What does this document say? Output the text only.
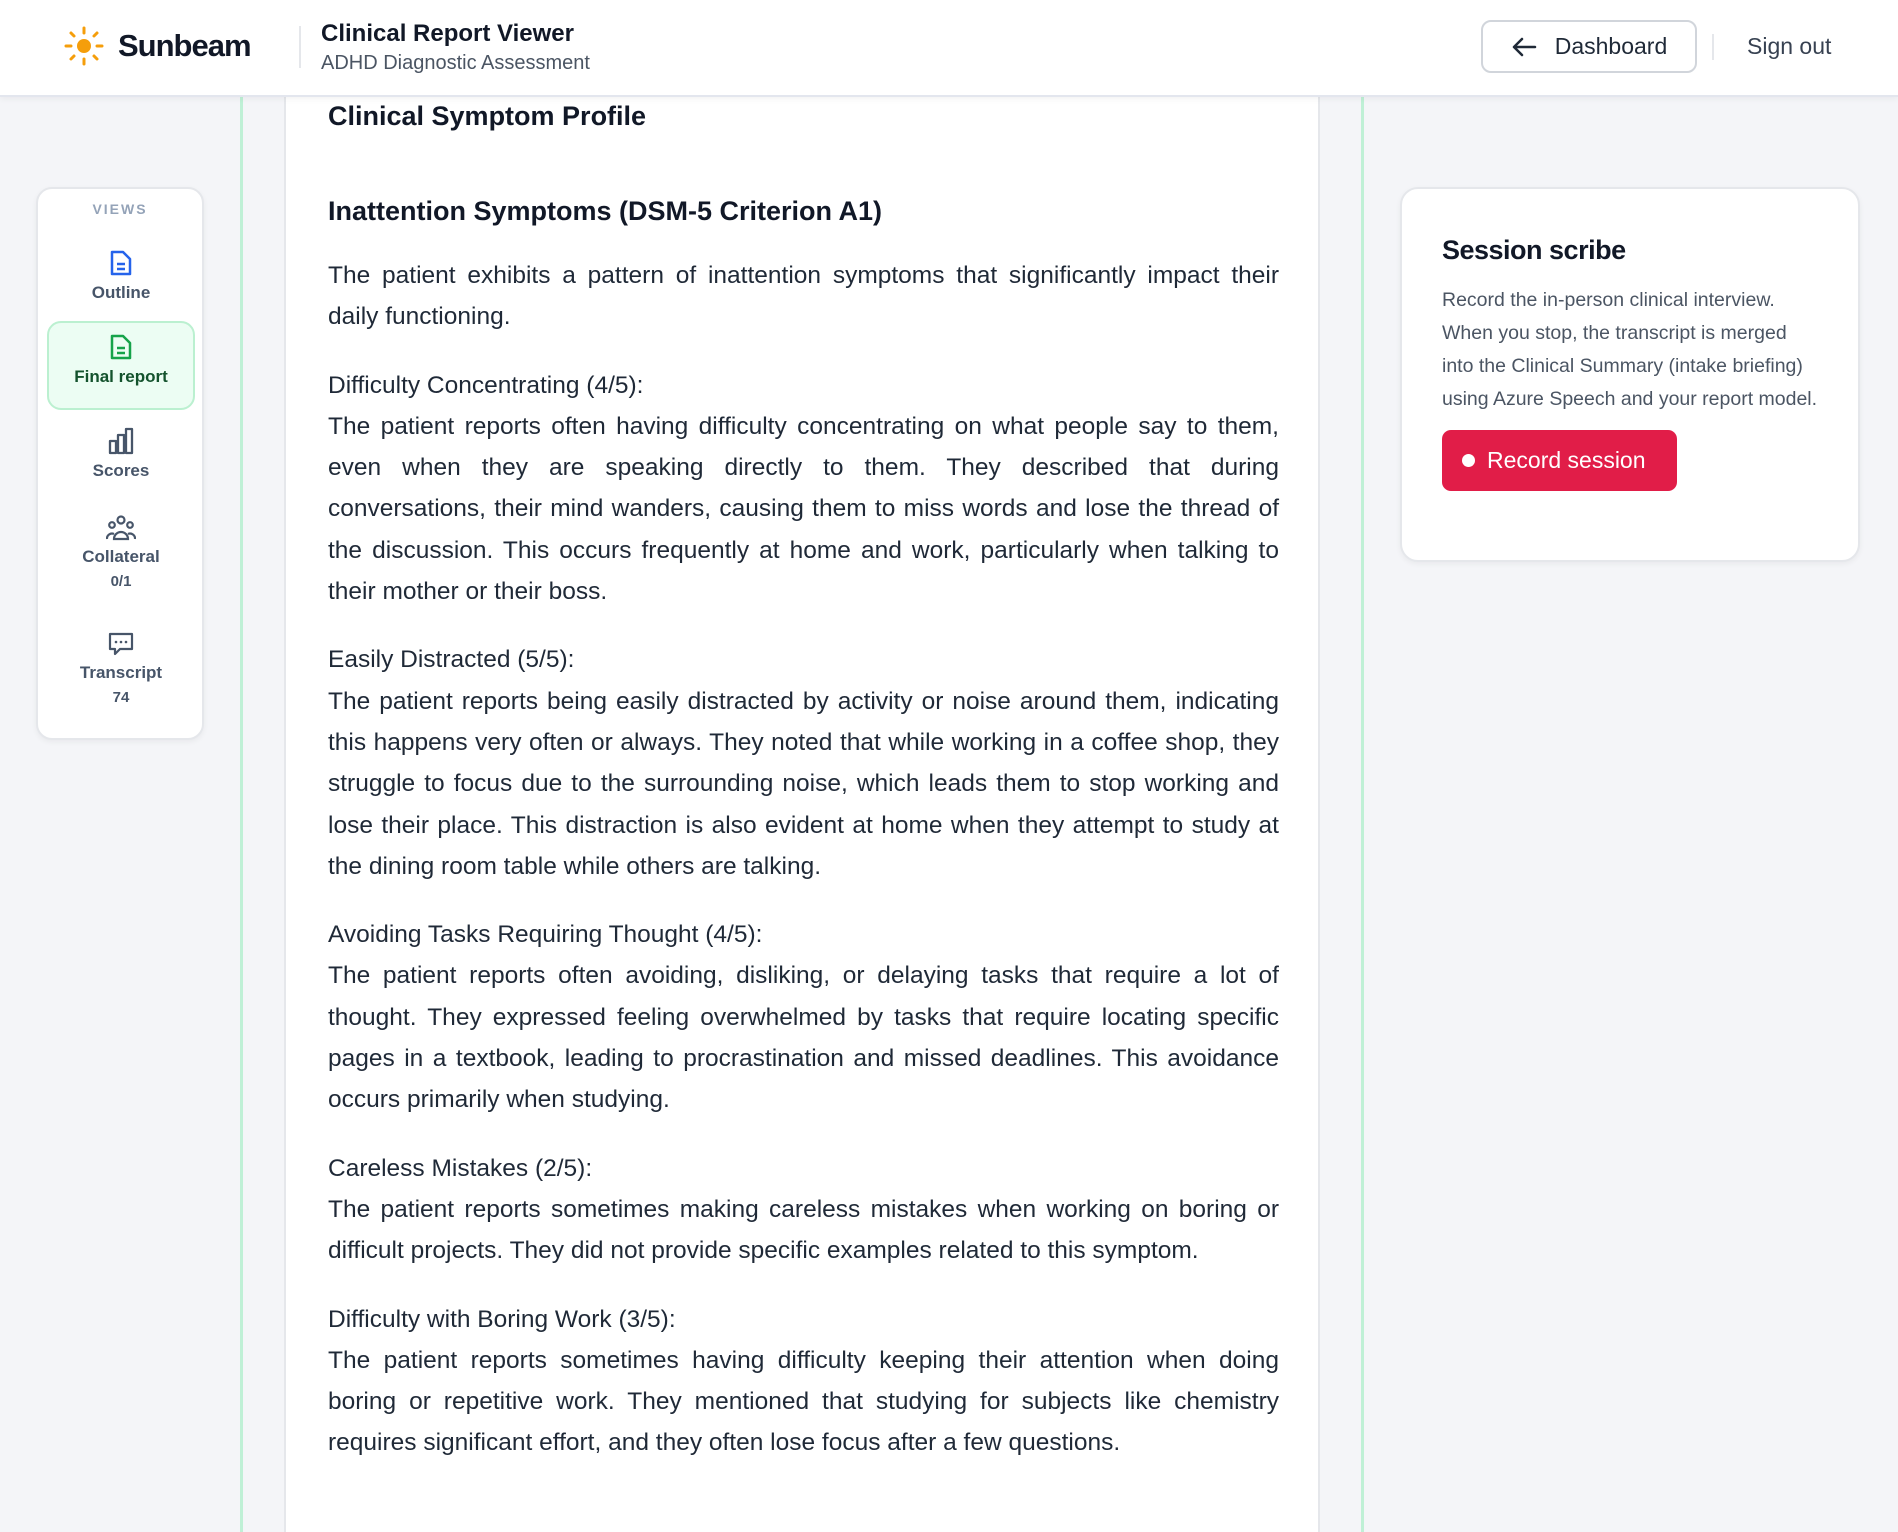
Sunbeam	Clinical Report Viewer
ADHD Diagnostic Assessment
Dashboard	Sign out
VIEWS
Outline
Final report
Scores
Collateral
0/1
Transcript
74
Clinical Symptom Profile
Inattention Symptoms (DSM-5 Criterion A1)

The patient exhibits a pattern of inattention symptoms that significantly impact their daily functioning.

Difficulty Concentrating (4/5):
The patient reports often having difficulty concentrating on what people say to them, even when they are speaking directly to them. They described that during conversations, their mind wanders, causing them to miss words and lose the thread of the discussion. This occurs frequently at home and work, particularly when talking to their mother or their boss.

Easily Distracted (5/5):
The patient reports being easily distracted by activity or noise around them, indicating this happens very often or always. They noted that while working in a coffee shop, they struggle to focus due to the surrounding noise, which leads them to stop working and lose their place. This distraction is also evident at home when they attempt to study at the dining room table while others are talking.

Avoiding Tasks Requiring Thought (4/5):
The patient reports often avoiding, disliking, or delaying tasks that require a lot of thought. They expressed feeling overwhelmed by tasks that require locating specific pages in a textbook, leading to procrastination and missed deadlines. This avoidance occurs primarily when studying.

Careless Mistakes (2/5):
The patient reports sometimes making careless mistakes when working on boring or difficult projects. They did not provide specific examples related to this symptom.

Difficulty with Boring Work (3/5):
The patient reports sometimes having difficulty keeping their attention when doing boring or repetitive work. They mentioned that studying for subjects like chemistry requires significant effort, and they often lose focus after a few questions.

Session scribe

Record the in-person clinical interview. When you stop, the transcript is merged into the Clinical Summary (intake briefing) using Azure Speech and your report model.

Record session
